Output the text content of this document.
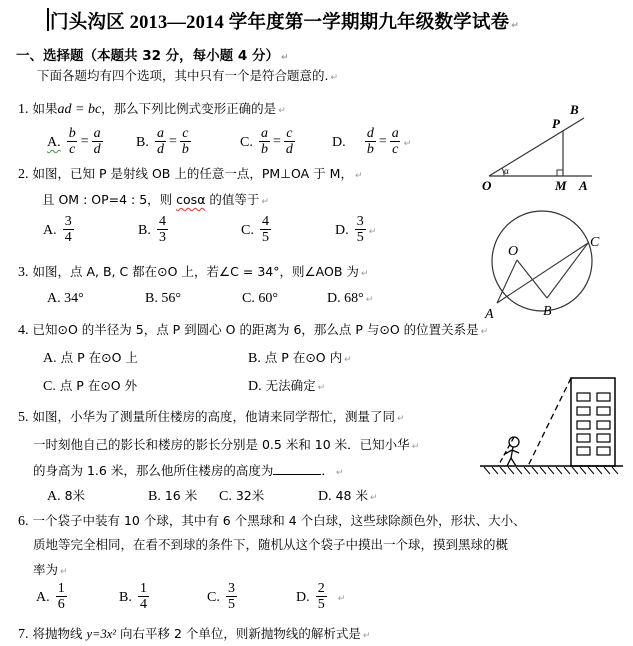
门头沟区 2013—2014 学年度第一学期期九年级数学试卷 ↵
一、选择题（本题共 32 分，每小题 4 分） ↵
下面各题均有四个选项，其中只有一个是符合题意的. ↵
1. 如果ad = bc，那么下列比例式变形正确的是 ↵
A. $\frac{b}{c} = \frac{a}{d} B$. $\frac{a}{d} = \frac{c}{b}$	C. $\frac{a}{b} = \frac{c}{d}$	D. $\frac{d}{b} = \frac{a}{c}$ ↵
2. 如图，已知 P 是射线 OB 上的任意一点，PM⊥OA 于 M， ↵
且 OM : OP=4 : 5，则 cosα 的值等于 ↵
A. $\frac{3}{4}$	B. $\frac{4}{3}$	C. $\frac{4}{5}$	D. $\frac{3}{5}$ ↵
3. 如图，点 A, B, C 都在⊙O 上，若∠C = 34°，则∠AOB 为 ↵
A. 34°	B. 56°	C. 60°	D. 68° ↵
4. 已知⊙O 的半径为 5，点 P 到圆心 O 的距离为 6，那么点 P 与⊙O 的位置关系是 ↵
A. 点 P 在⊙O 上	B. 点 P 在⊙O 内 ↵
C. 点 P 在⊙O 外	D. 无法确定 ↵
5. 如图，小华为了测量所住楼房的高度，他请来同学帮忙，测量了同 ↵
一时刻他自己的影长和楼房的影长分别是 0.5 米和 10 米．已知小华 ↵
的身高为 1.6 米，那么他所住楼房的高度为	． ↵
A. 8米	B. 16 米 C. 32米	D. 48 米 ↵
6. 一个袋子中装有 10 个球，其中有 6 个黑球和 4 个白球，这些球除颜色外，形状、大小、
质地等完全相同，在看不到球的条件下，随机从这个袋子中摸出一个球，摸到黑球的概
率为 ↵
A. $\frac{1}{6}$	B. $\frac{1}{4}$	C. $\frac{3}{5}$	D. $\frac{2}{5}$ ↵
7. 将抛物线 y=3x² 向右平移 2 个单位，则新抛物线的解析式是 ↵
α
B
P
O	M A
O
C
A	B
